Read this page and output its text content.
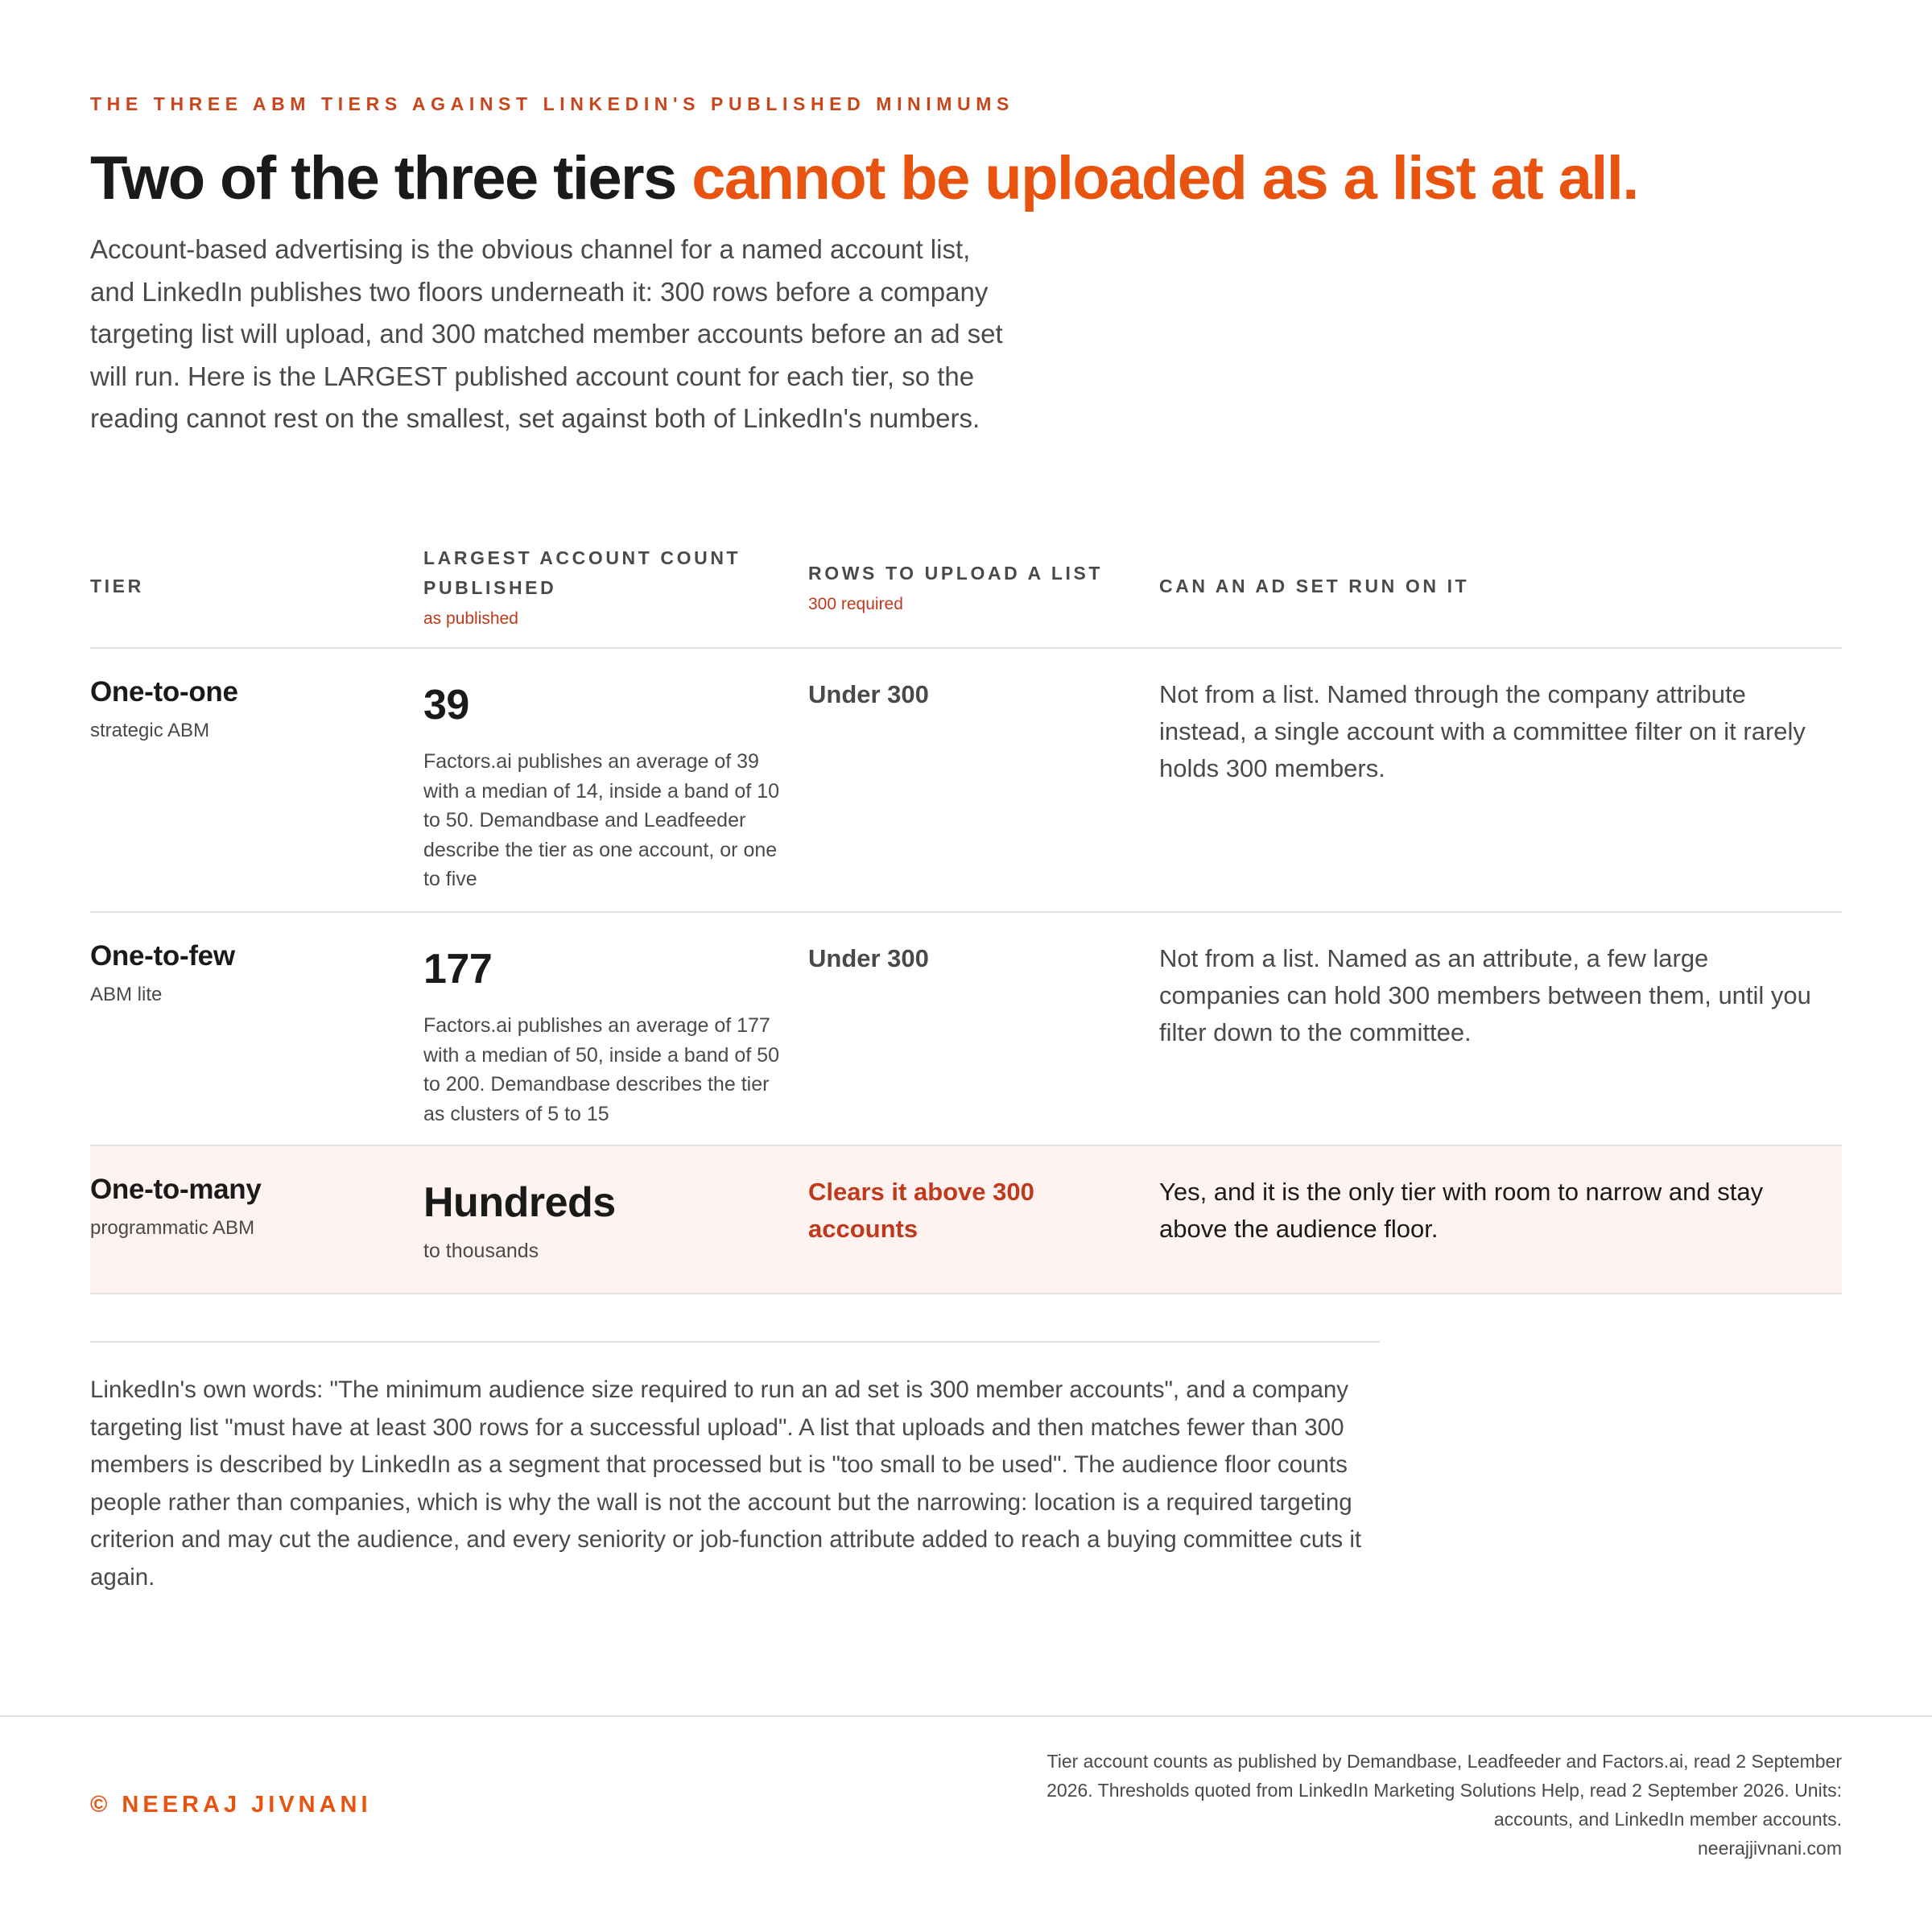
THE THREE ABM TIERS AGAINST LINKEDIN'S PUBLISHED MINIMUMS
Two of the three tiers cannot be uploaded as a list at all.

Account-based advertising is the obvious channel for a named account list, and LinkedIn publishes two floors underneath it: 300 rows before a company targeting list will upload, and 300 matched member accounts before an ad set will run. Here is the LARGEST published account count for each tier, so the reading cannot rest on the smallest, set against both of LinkedIn's numbers.

TIER
LARGEST ACCOUNT COUNT PUBLISHED
as published
ROWS TO UPLOAD A LIST
300 required
CAN AN AD SET RUN ON IT
One-to-one
strategic ABM
39
Factors.ai publishes an average of 39 with a median of 14, inside a band of 10 to 50. Demandbase and Leadfeeder describe the tier as one account, or one to five
Under 300	Not from a list. Named through the company attribute instead, a single account with a committee filter on it rarely holds 300 members.
One-to-few
ABM lite
177
Factors.ai publishes an average of 177 with a median of 50, inside a band of 50 to 200. Demandbase describes the tier as clusters of 5 to 15
Under 300	Not from a list. Named as an attribute, a few large companies can hold 300 members between them, until you filter down to the committee.
One-to-many
programmatic ABM
Hundreds
to thousands
Clears it above 300 accounts
Yes, and it is the only tier with room to narrow and stay above the audience floor.

LinkedIn's own words: "The minimum audience size required to run an ad set is 300 member accounts", and a company targeting list "must have at least 300 rows for a successful upload". A list that uploads and then matches fewer than 300 members is described by LinkedIn as a segment that processed but is "too small to be used". The audience floor counts people rather than companies, which is why the wall is not the account but the narrowing: location is a required targeting criterion and may cut the audience, and every seniority or job-function attribute added to reach a buying committee cuts it again.

© NEERAJ JIVNANI
Tier account counts as published by Demandbase, Leadfeeder and Factors.ai, read 2 September 2026. Thresholds quoted from LinkedIn Marketing Solutions Help, read 2 September 2026. Units: accounts, and LinkedIn member accounts.
neerajjivnani.com
